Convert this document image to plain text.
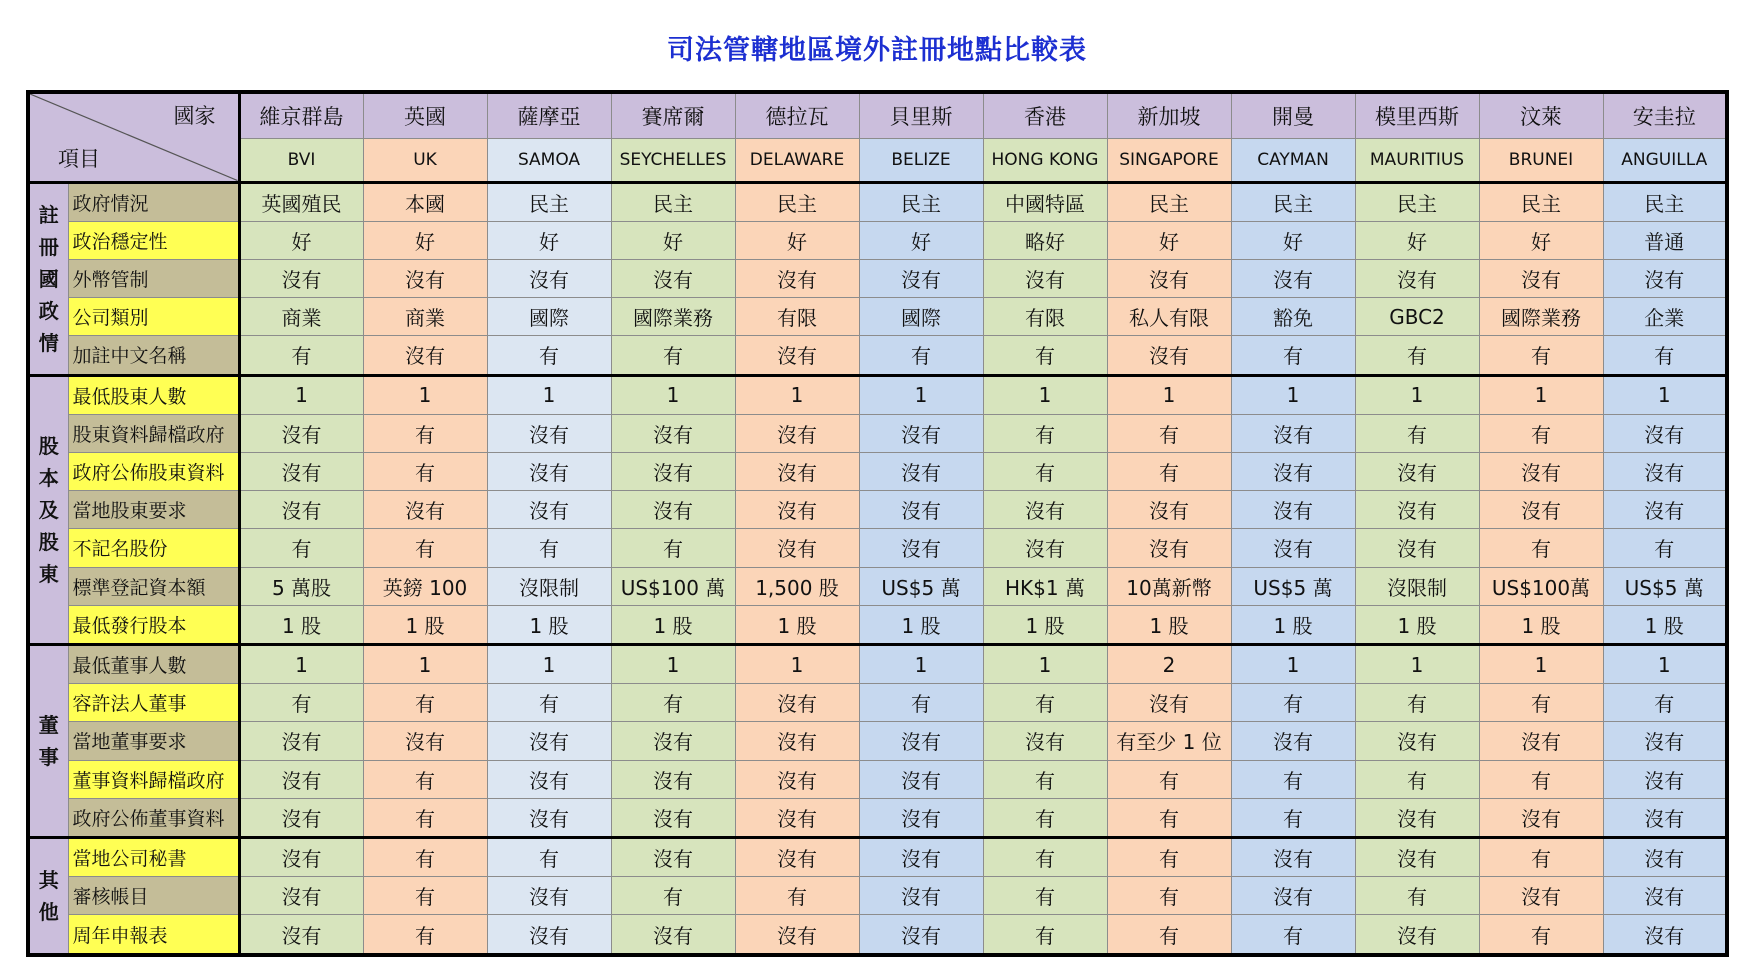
司法管轄地區境外註冊地點比較表
國家
項目		維京群島	英國	薩摩亞	賽席爾	德拉瓦	貝里斯	香港	新加坡	開曼	模里西斯	汶萊	安圭拉
		BVI	UK	SAMOA	SEYCHELLES	DELAWARE	BELIZE	HONG KONG	SINGAPORE	CAYMAN	MAURITIUS	BRUNEI	ANGUILLA

註
冊
國
政
情	政府情況	英國殖民	本國	民主	民主	民主	民主	中國特區	民主	民主	民主	民主	民主
	政治穩定性	好	好	好	好	好	好	略好	好	好	好	好	普通
	外幣管制	沒有	沒有	沒有	沒有	沒有	沒有	沒有	沒有	沒有	沒有	沒有	沒有
	公司類別	商業	商業	國際	國際業務	有限	國際	有限	私人有限	豁免	GBC2	國際業務	企業
	加註中文名稱	有	沒有	有	有	沒有	有	有	沒有	有	有	有	有

股
本
及
股
東	最低股東人數	1	1	1	1	1	1	1	1	1	1	1	1
	股東資料歸檔政府	沒有	有	沒有	沒有	沒有	沒有	有	有	沒有	有	有	沒有
	政府公佈股東資料	沒有	有	沒有	沒有	沒有	沒有	有	有	沒有	沒有	沒有	沒有
	當地股東要求	沒有	沒有	沒有	沒有	沒有	沒有	沒有	沒有	沒有	沒有	沒有	沒有
	不記名股份	有	有	有	有	沒有	沒有	沒有	沒有	沒有	沒有	有	有
	標準登記資本額	5 萬股	英鎊 100	沒限制	US$100 萬	1,500 股	US$5 萬	HK$1 萬	10萬新幣	US$5 萬	沒限制	US$100萬	US$5 萬
	最低發行股本	1 股	1 股	1 股	1 股	1 股	1 股	1 股	1 股	1 股	1 股	1 股	1 股

董
事	最低董事人數	1	1	1	1	1	1	1	2	1	1	1	1
	容許法人董事	有	有	有	有	沒有	有	有	沒有	有	有	有	有
	當地董事要求	沒有	沒有	沒有	沒有	沒有	沒有	沒有	有至少 1 位	沒有	沒有	沒有	沒有
	董事資料歸檔政府	沒有	有	沒有	沒有	沒有	沒有	有	有	有	有	有	沒有
	政府公佈董事資料	沒有	有	沒有	沒有	沒有	沒有	有	有	有	沒有	沒有	沒有

其
他	當地公司秘書	沒有	有	有	沒有	沒有	沒有	有	有	沒有	沒有	有	沒有
	審核帳目	沒有	有	沒有	有	有	沒有	有	有	沒有	有	沒有	沒有
	周年申報表	沒有	有	沒有	沒有	沒有	沒有	有	有	有	沒有	有	沒有
